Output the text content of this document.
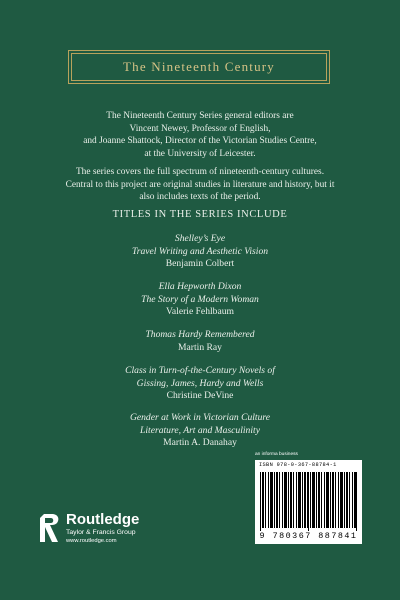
The Nineteenth Century
The Nineteenth Century Series general editors are
Vincent Newey, Professor of English,
and Joanne Shattock, Director of the Victorian Studies Centre,
at the University of Leicester.
The series covers the full spectrum of nineteenth-century cultures.
Central to this project are original studies in literature and history, but it
also includes texts of the period.
TITLES IN THE SERIES INCLUDE
Shelley’s Eye
Travel Writing and Aesthetic Vision
Benjamin Colbert
Ella Hepworth Dixon
The Story of a Modern Woman
Valerie Fehlbaum
Thomas Hardy Remembered
Martin Ray
Class in Turn-of-the-Century Novels of
Gissing, James, Hardy and Wells
Christine DeVine
Gender at Work in Victorian Culture
Literature, Art and Masculinity
Martin A. Danahay
an informa business
ISBN 978-0-367-88784-1
9 780367 887841
Routledge
Taylor & Francis Group
www.routledge.com
